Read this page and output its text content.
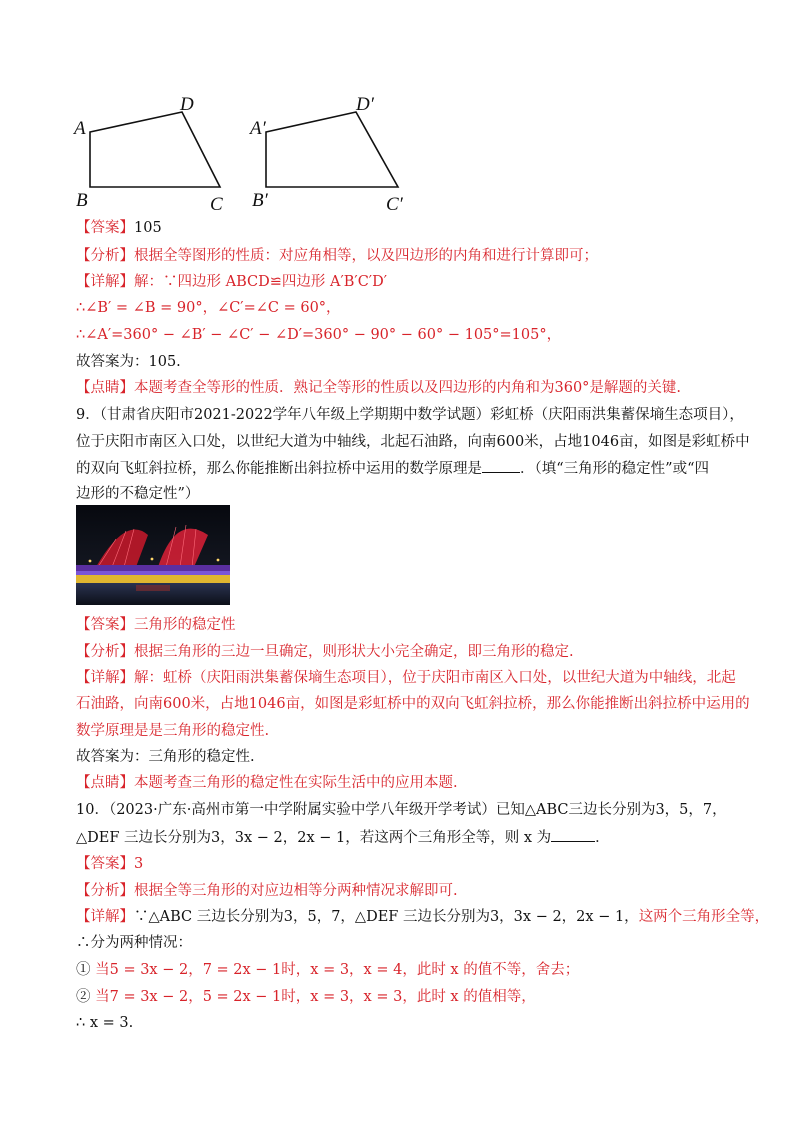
A
D
B	C
A′
D′
B′	C′
【答案】105
【分析】根据全等图形的性质：对应角相等，以及四边形的内角和进行计算即可；
【详解】解：∵四边形 ABCD≌四边形 A′B′C′D′
∴∠B′ = ∠B = 90°，∠C′=∠C = 60°，
∴∠A′=360° − ∠B′ − ∠C′ − ∠D′=360° − 90° − 60° − 105°=105°，
故答案为：105.
【点睛】本题考查全等形的性质．熟记全等形的性质以及四边形的内角和为360°是解题的关键.
9．（甘肃省庆阳市2021-2022学年八年级上学期期中数学试题）彩虹桥（庆阳雨洪集蓄保墒生态项目），
位于庆阳市南区入口处，以世纪大道为中轴线，北起石油路，向南600米，占地1046亩，如图是彩虹桥中
的双向飞虹斜拉桥，那么你能推断出斜拉桥中运用的数学原理是	．（填“三角形的稳定性”或“四
边形的不稳定性”）
【答案】三角形的稳定性
【分析】根据三角形的三边一旦确定，则形状大小完全确定，即三角形的稳定.
【详解】解：虹桥（庆阳雨洪集蓄保墒生态项目），位于庆阳市南区入口处，以世纪大道为中轴线，北起
石油路，向南600米，占地1046亩，如图是彩虹桥中的双向飞虹斜拉桥，那么你能推断出斜拉桥中运用的
数学原理是是三角形的稳定性.
故答案为：三角形的稳定性.
【点睛】本题考查三角形的稳定性在实际生活中的应用本题.
10．（2023·广东·高州市第一中学附属实验中学八年级开学考试）已知△ABC三边长分别为3，5，7，
△DEF 三边长分别为3，3x − 2，2x − 1，若这两个三角形全等，则 x 为	．
【答案】3
【分析】根据全等三角形的对应边相等分两种情况求解即可.
【详解】∵△ABC 三边长分别为3，5，7，△DEF 三边长分别为3，3x − 2，2x − 1，这两个三角形全等，
∴分为两种情况：
① 当5 = 3x − 2，7 = 2x − 1时，x = 3，x = 4，此时 x 的值不等，舍去；
② 当7 = 3x − 2，5 = 2x − 1时，x = 3，x = 3，此时 x 的值相等，
∴ x = 3.
